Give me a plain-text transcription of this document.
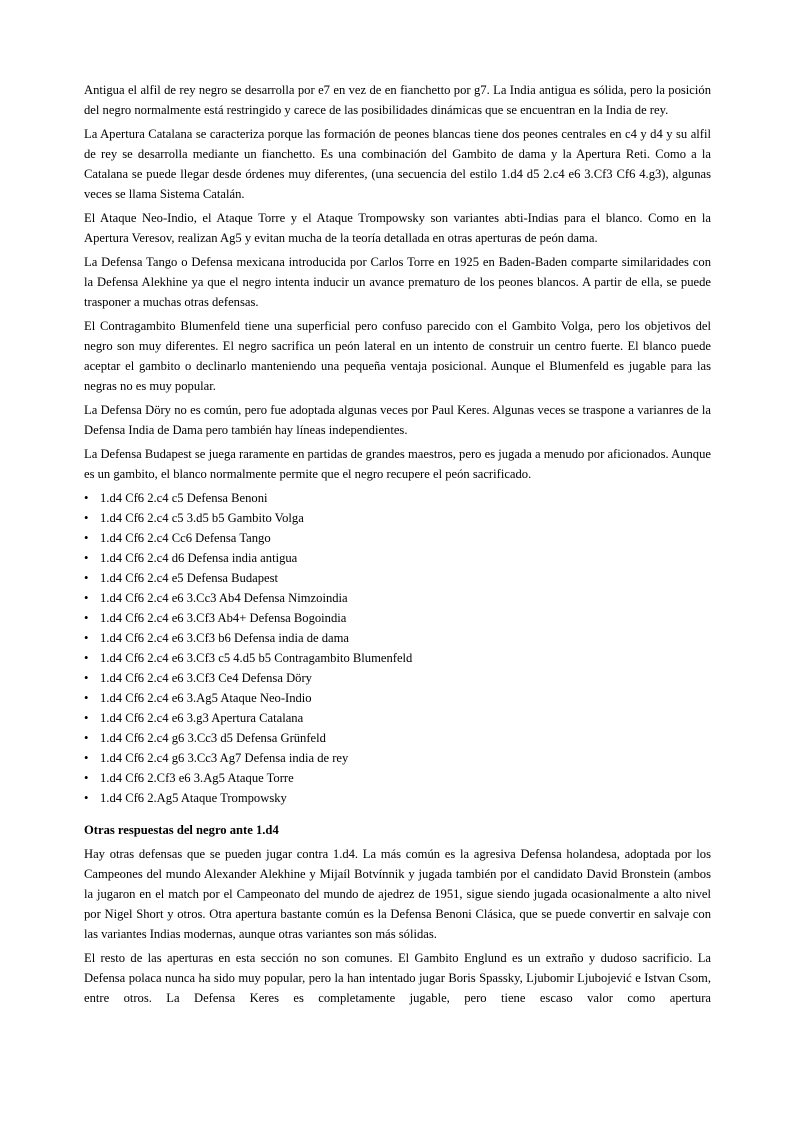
Antigua el alfil de rey negro se desarrolla por e7 en vez de en fianchetto por g7. La India antigua es sólida, pero la posición del negro normalmente está restringido y carece de las posibilidades dinámicas que se encuentran en la India de rey.

La Apertura Catalana se caracteriza porque las formación de peones blancas tiene dos peones centrales en c4 y d4 y su alfil de rey se desarrolla mediante un fianchetto. Es una combinación del Gambito de dama y la Apertura Reti. Como a la Catalana se puede llegar desde órdenes muy diferentes, (una secuencia del estilo 1.d4 d5 2.c4 e6 3.Cf3 Cf6 4.g3), algunas veces se llama Sistema Catalán.

El Ataque Neo-Indio, el Ataque Torre y el Ataque Trompowsky son variantes abti-Indias para el blanco. Como en la Apertura Veresov, realizan Ag5 y evitan mucha de la teoría detallada en otras aperturas de peón dama.

La Defensa Tango o Defensa mexicana introducida por Carlos Torre en 1925 en Baden-Baden comparte similaridades con la Defensa Alekhine ya que el negro intenta inducir un avance prematuro de los peones blancos. A partir de ella, se puede trasponer a muchas otras defensas.

El Contragambito Blumenfeld tiene una superficial pero confuso parecido con el Gambito Volga, pero los objetivos del negro son muy diferentes. El negro sacrifica un peón lateral en un intento de construir un centro fuerte. El blanco puede aceptar el gambito o declinarlo manteniendo una pequeña ventaja posicional. Aunque el Blumenfeld es jugable para las negras no es muy popular.

La Defensa Döry no es común, pero fue adoptada algunas veces por Paul Keres. Algunas veces se traspone a varianres de la Defensa India de Dama pero también hay líneas independientes.

La Defensa Budapest se juega raramente en partidas de grandes maestros, pero es jugada a menudo por aficionados. Aunque es un gambito, el blanco normalmente permite que el negro recupere el peón sacrificado.

• 1.d4 Cf6 2.c4 c5 Defensa Benoni
• 1.d4 Cf6 2.c4 c5 3.d5 b5 Gambito Volga
• 1.d4 Cf6 2.c4 Cc6 Defensa Tango
• 1.d4 Cf6 2.c4 d6 Defensa india antigua
• 1.d4 Cf6 2.c4 e5 Defensa Budapest
• 1.d4 Cf6 2.c4 e6 3.Cc3 Ab4 Defensa Nimzoindia
• 1.d4 Cf6 2.c4 e6 3.Cf3 Ab4+ Defensa Bogoindia
• 1.d4 Cf6 2.c4 e6 3.Cf3 b6 Defensa india de dama
• 1.d4 Cf6 2.c4 e6 3.Cf3 c5 4.d5 b5 Contragambito Blumenfeld
• 1.d4 Cf6 2.c4 e6 3.Cf3 Ce4 Defensa Döry
• 1.d4 Cf6 2.c4 e6 3.Ag5 Ataque Neo-Indio
• 1.d4 Cf6 2.c4 e6 3.g3 Apertura Catalana
• 1.d4 Cf6 2.c4 g6 3.Cc3 d5 Defensa Grünfeld
• 1.d4 Cf6 2.c4 g6 3.Cc3 Ag7 Defensa india de rey
• 1.d4 Cf6 2.Cf3 e6 3.Ag5 Ataque Torre
• 1.d4 Cf6 2.Ag5 Ataque Trompowsky
Otras respuestas del negro ante 1.d4

Hay otras defensas que se pueden jugar contra 1.d4. La más común es la agresiva Defensa holandesa, adoptada por los Campeones del mundo Alexander Alekhine y Mijaíl Botvínnik y jugada también por el candidato David Bronstein (ambos la jugaron en el match por el Campeonato del mundo de ajedrez de 1951, sigue siendo jugada ocasionalmente a alto nivel por Nigel Short y otros. Otra apertura bastante común es la Defensa Benoni Clásica, que se puede convertir en salvaje con las variantes Indias modernas, aunque otras variantes son más sólidas.

El resto de las aperturas en esta sección no son comunes. El Gambito Englund es un extraño y dudoso sacrificio. La Defensa polaca nunca ha sido muy popular, pero la han intentado jugar Boris Spassky, Ljubomir Ljubojević e Istvan Csom, entre otros. La Defensa Keres es completamente jugable, pero tiene escaso valor como apertura
